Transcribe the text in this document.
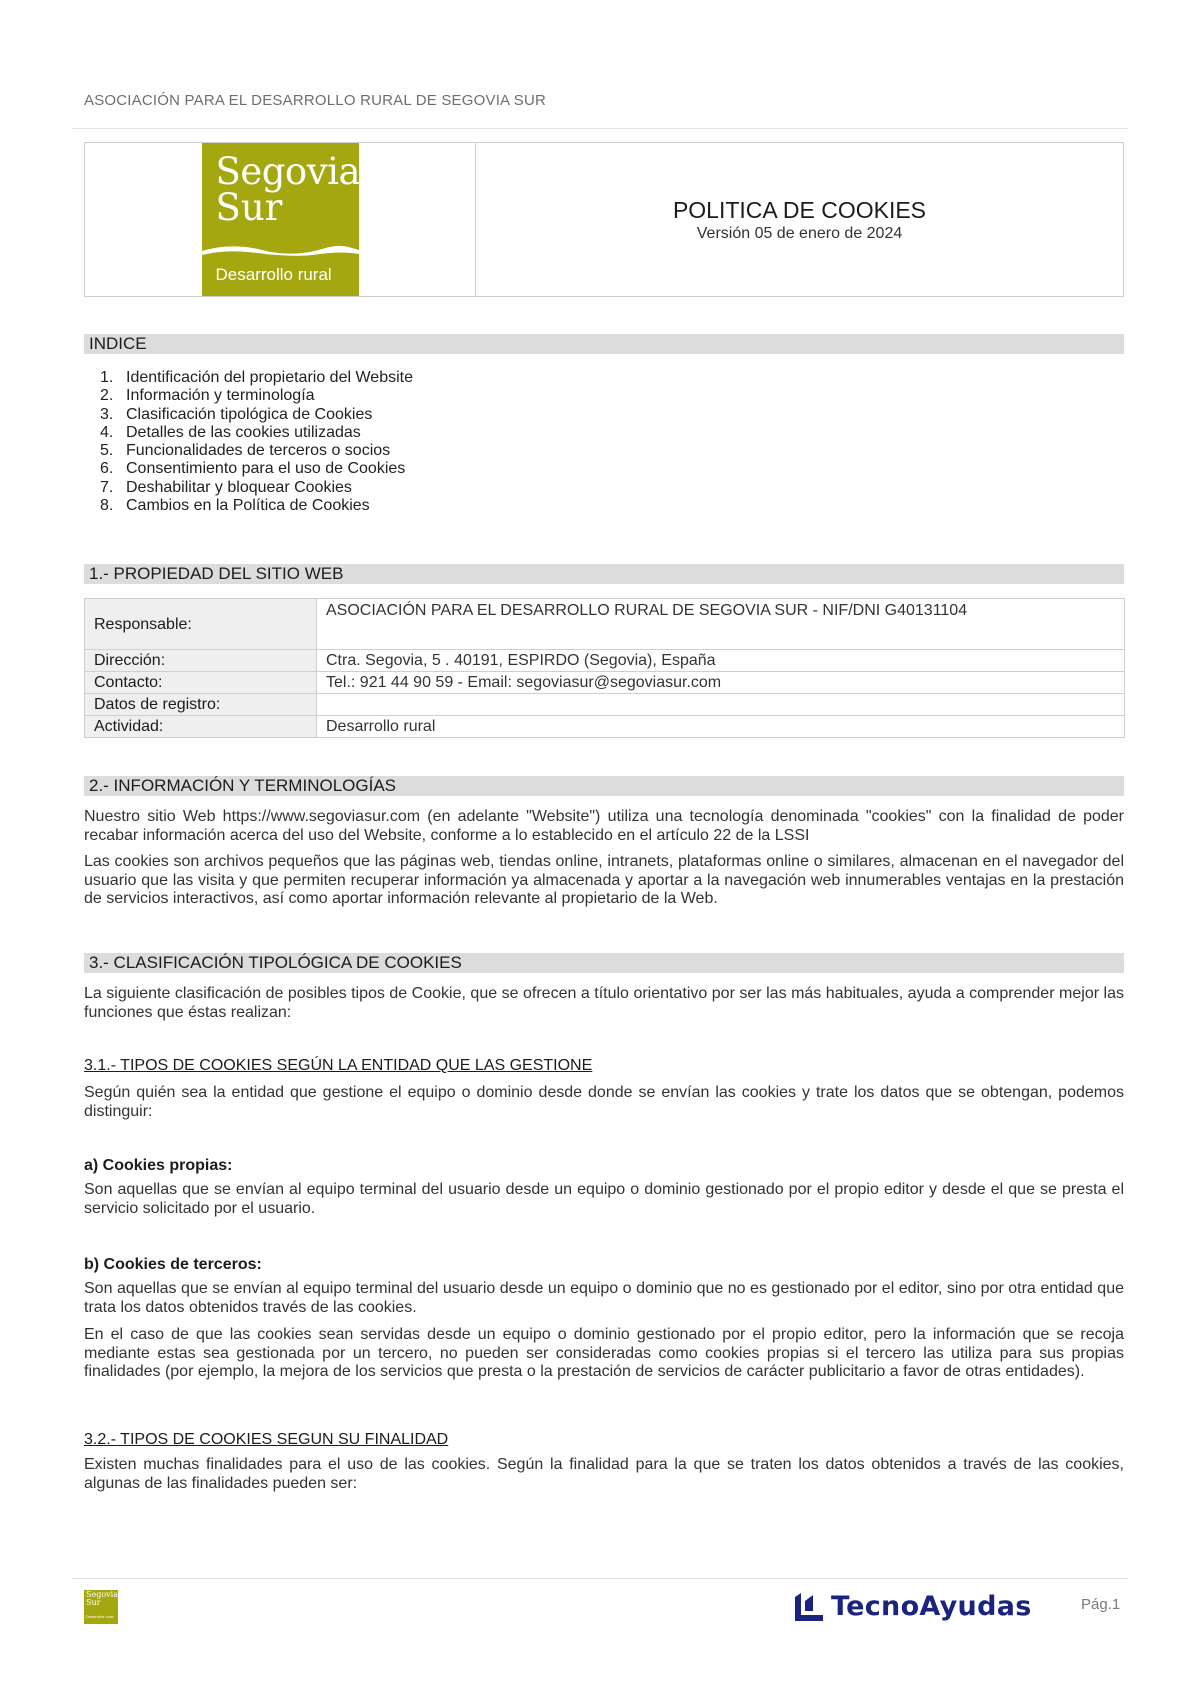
ASOCIACIÓN PARA EL DESARROLLO RURAL DE SEGOVIA SUR
Segovia
Sur
Desarrollo rural
POLITICA DE COOKIES
Versión 05 de enero de 2024
INDICE
1. Identificación del propietario del Website
2. Información y terminología
3. Clasificación tipológica de Cookies
4. Detalles de las cookies utilizadas
5. Funcionalidades de terceros o socios
6. Consentimiento para el uso de Cookies
7. Deshabilitar y bloquear Cookies
8. Cambios en la Política de Cookies
1.- PROPIEDAD DEL SITIO WEB
Responsable:	ASOCIACIÓN PARA EL DESARROLLO RURAL DE SEGOVIA SUR - NIF/DNI G40131104
Dirección:	Ctra. Segovia, 5 . 40191, ESPIRDO (Segovia), España
Contacto:	Tel.: 921 44 90 59 - Email: segoviasur@segoviasur.com
Datos de registro:	
Actividad:	Desarrollo rural
2.- INFORMACIÓN Y TERMINOLOGÍAS

Nuestro sitio Web https://www.segoviasur.com (en adelante "Website") utiliza una tecnología denominada "cookies" con la finalidad de poder recabar información acerca del uso del Website, conforme a lo establecido en el artículo 22 de la LSSI

Las cookies son archivos pequeños que las páginas web, tiendas online, intranets, plataformas online o similares, almacenan en el navegador del usuario que las visita y que permiten recuperar información ya almacenada y aportar a la navegación web innumerables ventajas en la prestación de servicios interactivos, así como aportar información relevante al propietario de la Web.

3.- CLASIFICACIÓN TIPOLÓGICA DE COOKIES

La siguiente clasificación de posibles tipos de Cookie, que se ofrecen a título orientativo por ser las más habituales, ayuda a comprender mejor las funciones que éstas realizan:

3.1.- TIPOS DE COOKIES SEGÚN LA ENTIDAD QUE LAS GESTIONE

Según quién sea la entidad que gestione el equipo o dominio desde donde se envían las cookies y trate los datos que se obtengan, podemos distinguir:

a) Cookies propias:

Son aquellas que se envían al equipo terminal del usuario desde un equipo o dominio gestionado por el propio editor y desde el que se presta el servicio solicitado por el usuario.

b) Cookies de terceros:

Son aquellas que se envían al equipo terminal del usuario desde un equipo o dominio que no es gestionado por el editor, sino por otra entidad que trata los datos obtenidos través de las cookies.

En el caso de que las cookies sean servidas desde un equipo o dominio gestionado por el propio editor, pero la información que se recoja mediante estas sea gestionada por un tercero, no pueden ser consideradas como cookies propias si el tercero las utiliza para sus propias finalidades (por ejemplo, la mejora de los servicios que presta o la prestación de servicios de carácter publicitario a favor de otras entidades).

3.2.- TIPOS DE COOKIES SEGUN SU FINALIDAD

Existen muchas finalidades para el uso de las cookies. Según la finalidad para la que se traten los datos obtenidos a través de las cookies, algunas de las finalidades pueden ser:

Segovia
Sur
Desarrollo rural	TecnoAyudas	Pág.1
